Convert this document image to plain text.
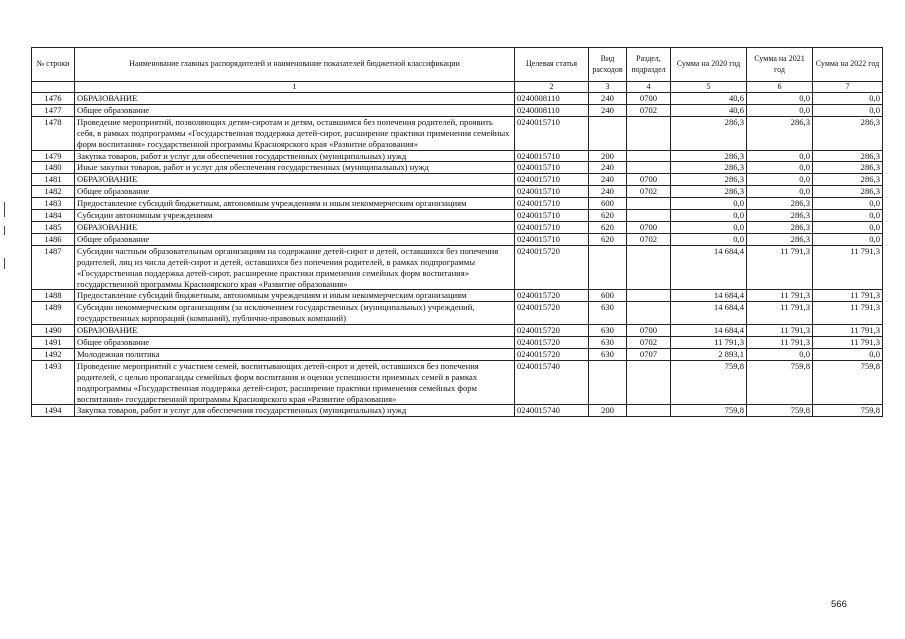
№ строки	Наименование главных распорядителей и наименование показателей бюджетной классификации	Целевая статья	Вид расходов	Раздел, подраздел	Сумма на 2020 год	Сумма на 2021 год	Сумма на 2022 год
	1	2	3	4	5	6	7
1476	ОБРАЗОВАНИЕ	0240008110	240	0700	40,6	0,0	0,0
1477	Общее образование	0240008110	240	0702	40,6	0,0	0,0
1478	Проведение мероприятий, позволяющих детям-сиротам и детям, оставшимся без попечения родителей, проявить себя, в рамках подпрограммы «Государственная поддержка детей-сирот, расширение практики применения семейных форм воспитания» государственной программы Красноярского края «Развитие образования»	0240015710			286,3	286,3	286,3
1479	Закупка товаров, работ и услуг для обеспечения государственных (муниципальных) нужд	0240015710	200		286,3	0,0	286,3
1480	Иные закупки товаров, работ и услуг для обеспечения государственных (муниципальных) нужд	0240015710	240		286,3	0,0	286,3
1481	ОБРАЗОВАНИЕ	0240015710	240	0700	286,3	0,0	286,3
1482	Общее образование	0240015710	240	0702	286,3	0,0	286,3
1483	Предоставление субсидий бюджетным, автономным учреждениям и иным некоммерческим организациям	0240015710	600		0,0	286,3	0,0
1484	Субсидии автономным учреждениям	0240015710	620		0,0	286,3	0,0
1485	ОБРАЗОВАНИЕ	0240015710	620	0700	0,0	286,3	0,0
1486	Общее образование	0240015710	620	0702	0,0	286,3	0,0
1487	Субсидии частным образовательным организациям на содержание детей-сирот и детей, оставшихся без попечения родителей, лиц из числа детей-сирот и детей, оставшихся без попечения родителей, в рамках подпрограммы «Государственная поддержка детей-сирот, расширение практики применения семейных форм воспитания» государственной программы Красноярского края «Развитие образования»	0240015720			14 684,4	11 791,3	11 791,3
1488	Предоставление субсидий бюджетным, автономным учреждениям и иным некоммерческим организациям	0240015720	600		14 684,4	11 791,3	11 791,3
1489	Субсидии некоммерческим организациям (за исключением государственных (муниципальных) учреждений, государственных корпораций (компаний), публично-правовых компаний)	0240015720	630		14 684,4	11 791,3	11 791,3
1490	ОБРАЗОВАНИЕ	0240015720	630	0700	14 684,4	11 791,3	11 791,3
1491	Общее образование	0240015720	630	0702	11 791,3	11 791,3	11 791,3
1492	Молодежная политика	0240015720	630	0707	2 893,1	0,0	0,0
1493	Проведение мероприятий с участием семей, воспитывающих детей-сирот и детей, оставшихся без попечения родителей, с целью пропаганды семейных форм воспитания и оценки успешности приемных семей в рамках подпрограммы «Государственная поддержка детей-сирот, расширение практики применения семейных форм воспитания» государственной программы Красноярского края «Развитие образования»	0240015740			759,8	759,8	759,8
1494	Закупка товаров, работ и услуг для обеспечения государственных (муниципальных) нужд	0240015740	200		759,8	759,8	759,8
566
